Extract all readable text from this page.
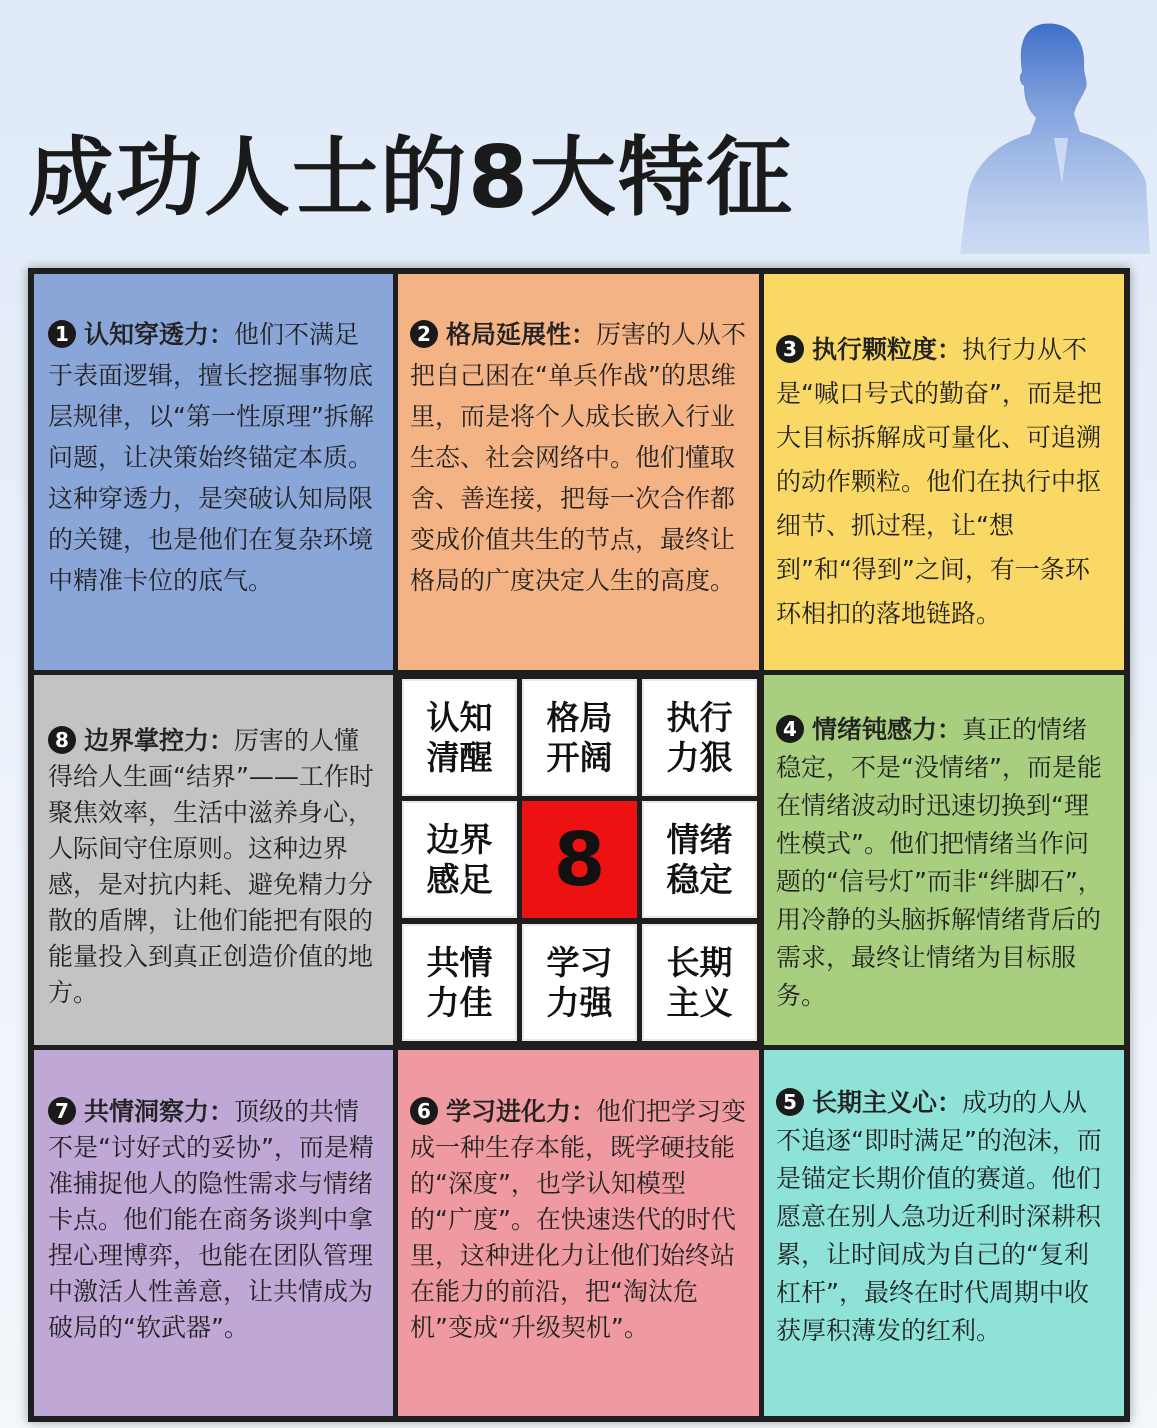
成功人士的8大特征
1 认知穿透力：他们不满足于表面逻辑，擅长挖掘事物底层规律，以“第一性原理”拆解问题，让决策始终锚定本质。这种穿透力，是突破认知局限的关键，也是他们在复杂环境中精准卡位的底气。
2 格局延展性：厉害的人从不把自己困在“单兵作战”的思维里，而是将个人成长嵌入行业生态、社会网络中。他们懂取舍、善连接，把每一次合作都变成价值共生的节点，最终让格局的广度决定人生的高度。
3 执行颗粒度：执行力从不是“喊口号式的勤奋”，而是把大目标拆解成可量化、可追溯的动作颗粒。他们在执行中抠细节、抓过程，让“想到”和“得到”之间，有一条环环相扣的落地链路。
8 边界掌控力：厉害的人懂得给人生画“结界”——工作时聚焦效率，生活中滋养身心，人际间守住原则。这种边界感，是对抗内耗、避免精力分散的盾牌，让他们能把有限的能量投入到真正创造价值的地方。
认知
清醒
格局
开阔
执行
力狠
边界
感足 8	情绪
稳定
共情
力佳
学习
力强
长期
主义
4 情绪钝感力：真正的情绪稳定，不是“没情绪”，而是能在情绪波动时迅速切换到“理性模式”。他们把情绪当作问题的“信号灯”而非“绊脚石”，用冷静的头脑拆解情绪背后的需求，最终让情绪为目标服务。
7 共情洞察力：顶级的共情不是“讨好式的妥协”，而是精准捕捉他人的隐性需求与情绪卡点。他们能在商务谈判中拿捏心理博弈，也能在团队管理中激活人性善意，让共情成为破局的“软武器”。
6 学习进化力：他们把学习变成一种生存本能，既学硬技能的“深度”，也学认知模型的“广度”。在快速迭代的时代里，这种进化力让他们始终站在能力的前沿，把“淘汰危机”变成“升级契机”。
5 长期主义心：成功的人从不追逐“即时满足”的泡沫，而是锚定长期价值的赛道。他们愿意在别人急功近利时深耕积累，让时间成为自己的“复利杠杆”，最终在时代周期中收获厚积薄发的红利。
